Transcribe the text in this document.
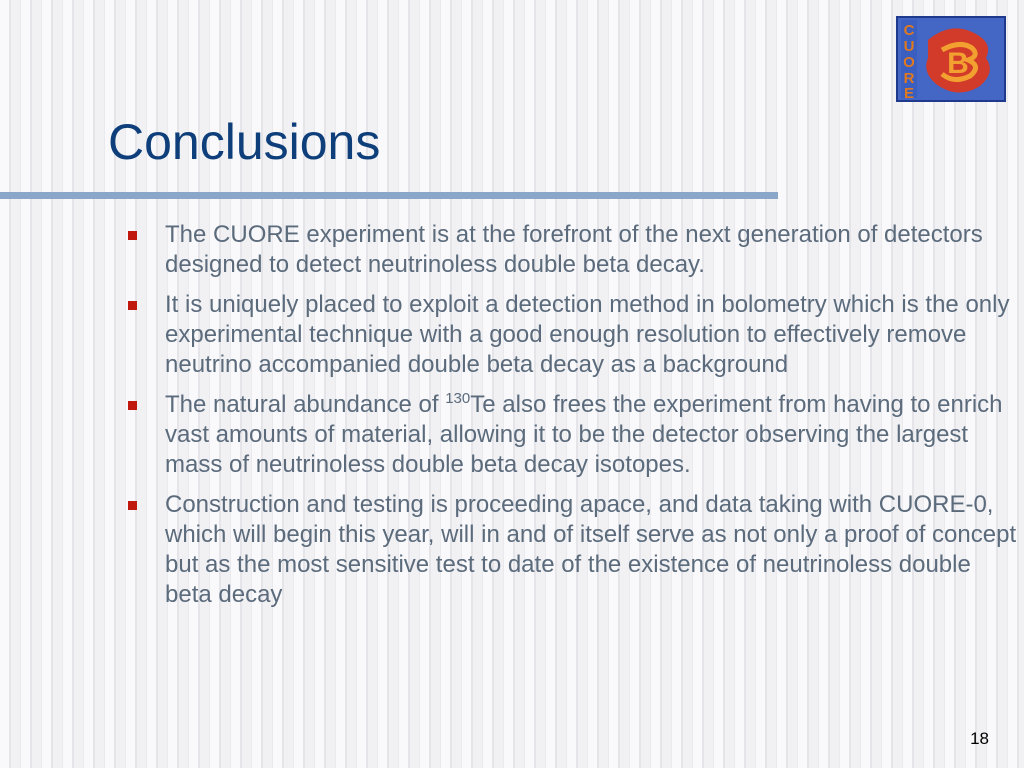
C
U
O
R
E
B
Conclusions
The CUORE experiment is at the forefront of the next generation of detectors designed to detect neutrinoless double beta decay.
It is uniquely placed to exploit a detection method in bolometry which is the only experimental technique with a good enough resolution to effectively remove neutrino accompanied double beta decay as a background
The natural abundance of $^{130}$Te also frees the experiment from having to enrich vast amounts of material, allowing it to be the detector observing the largest mass of neutrinoless double beta decay isotopes.
Construction and testing is proceeding apace, and data taking with CUORE-0, which will begin this year, will in and of itself serve as not only a proof of concept but as the most sensitive test to date of the existence of neutrinoless double beta decay
18
